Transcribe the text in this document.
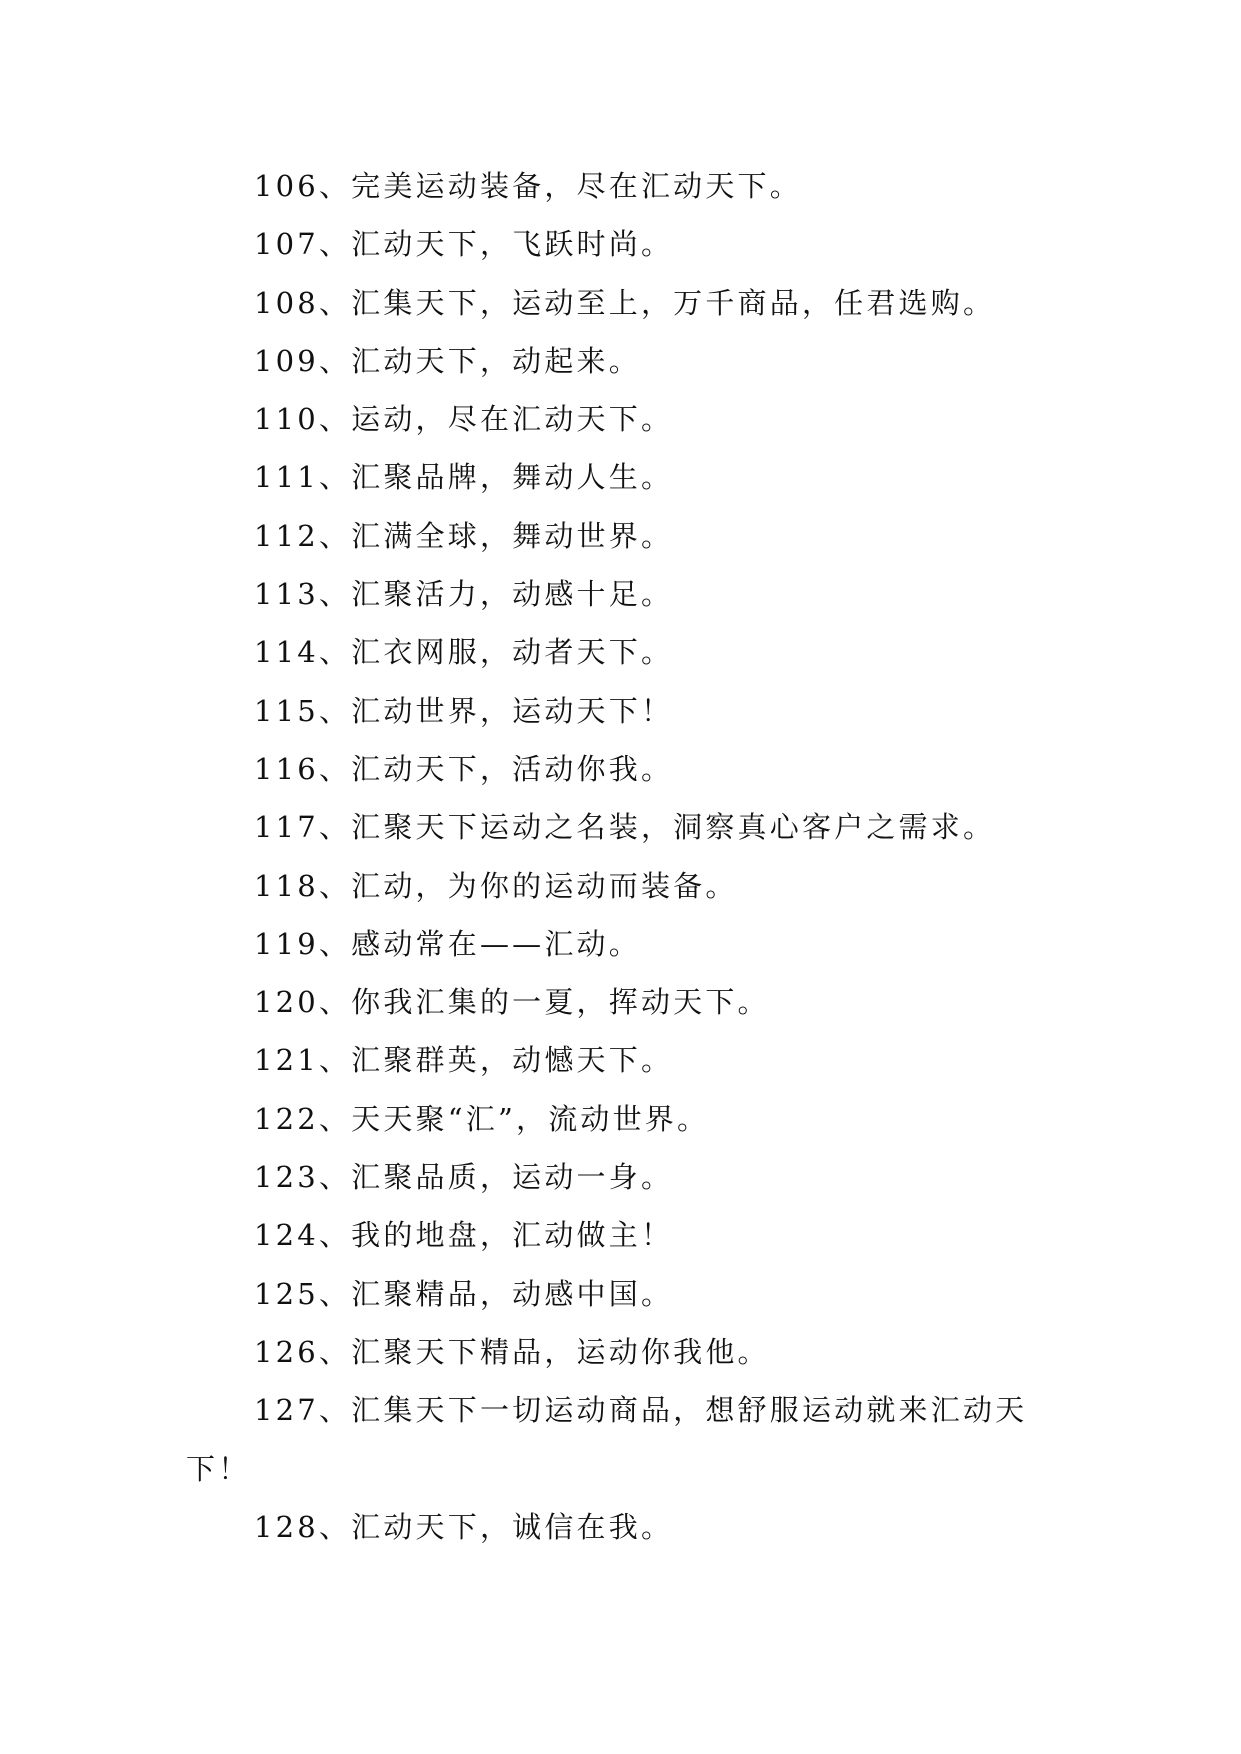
106、完美运动装备，尽在汇动天下。

107、汇动天下，飞跃时尚。

108、汇集天下，运动至上，万千商品，任君选购。

109、汇动天下，动起来。

110、运动，尽在汇动天下。

111、汇聚品牌，舞动人生。

112、汇满全球，舞动世界。

113、汇聚活力，动感十足。

114、汇衣网服，动者天下。

115、汇动世界，运动天下！

116、汇动天下，活动你我。

117、汇聚天下运动之名装，洞察真心客户之需求。

118、汇动，为你的运动而装备。

119、感动常在——汇动。

120、你我汇集的一夏，挥动天下。

121、汇聚群英，动憾天下。

122、天天聚“汇”，流动世界。

123、汇聚品质，运动一身。

124、我的地盘，汇动做主！

125、汇聚精品，动感中国。

126、汇聚天下精品，运动你我他。

127、汇集天下一切运动商品，想舒服运动就来汇动天下！

128、汇动天下，诚信在我。
